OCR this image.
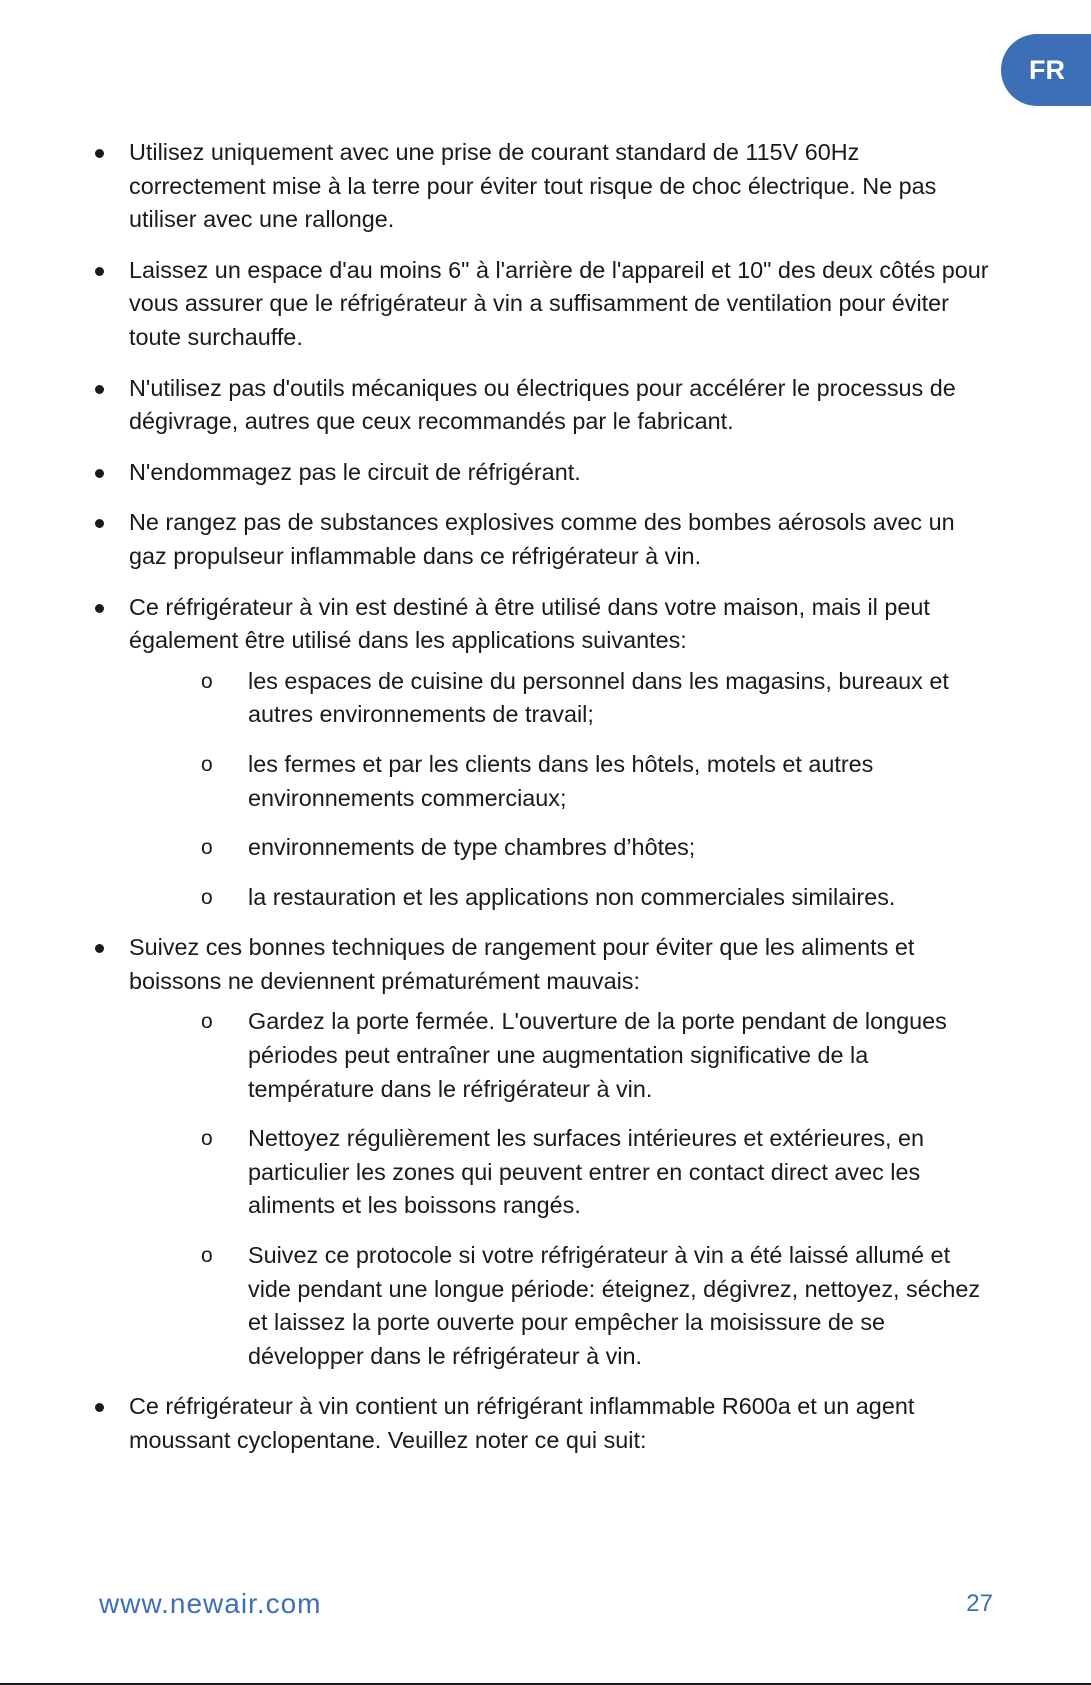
FR
Utilisez uniquement avec une prise de courant standard de 115V 60Hz correctement mise à la terre pour éviter tout risque de choc électrique. Ne pas utiliser avec une rallonge.
Laissez un espace d'au moins 6" à l'arrière de l'appareil et 10" des deux côtés pour vous assurer que le réfrigérateur à vin a suffisamment de ventilation pour éviter toute surchauffe.
N'utilisez pas d'outils mécaniques ou électriques pour accélérer le processus de dégivrage, autres que ceux recommandés par le fabricant.
N'endommagez pas le circuit de réfrigérant.
Ne rangez pas de substances explosives comme des bombes aérosols avec un gaz propulseur inflammable dans ce réfrigérateur à vin.
Ce réfrigérateur à vin est destiné à être utilisé dans votre maison, mais il peut également être utilisé dans les applications suivantes:
o les espaces de cuisine du personnel dans les magasins, bureaux et autres environnements de travail;
o les fermes et par les clients dans les hôtels, motels et autres environnements commerciaux;
o environnements de type chambres d’hôtes;
o la restauration et les applications non commerciales similaires.
Suivez ces bonnes techniques de rangement pour éviter que les aliments et boissons ne deviennent prématurément mauvais:
o Gardez la porte fermée. L'ouverture de la porte pendant de longues périodes peut entraîner une augmentation significative de la température dans le réfrigérateur à vin.
o Nettoyez régulièrement les surfaces intérieures et extérieures, en particulier les zones qui peuvent entrer en contact direct avec les aliments et les boissons rangés.
o Suivez ce protocole si votre réfrigérateur à vin a été laissé allumé et vide pendant une longue période: éteignez, dégivrez, nettoyez, séchez et laissez la porte ouverte pour empêcher la moisissure de se développer dans le réfrigérateur à vin.
Ce réfrigérateur à vin contient un réfrigérant inflammable R600a et un agent moussant cyclopentane. Veuillez noter ce qui suit:
www.newair.com	27
